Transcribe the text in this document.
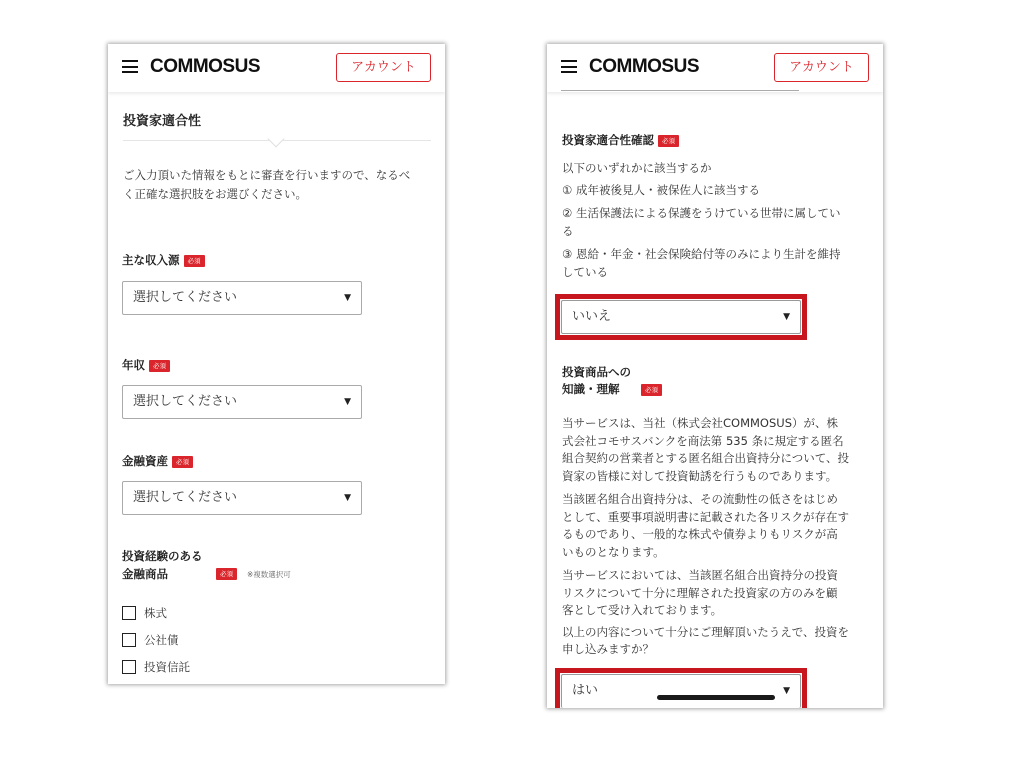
COMMOSUS	アカウント
投資家適合性
ご入力頂いた情報をもとに審査を行いますので、なるべ
く正確な選択肢をお選びください。
主な収入源 必須
選択してください	▼
年収 必須
選択してください	▼
金融資産 必須
選択してください	▼
投資経験のある
金融商品	必須	※複数選択可
株式
公社債
投資信託
COMMOSUS	アカウント
投資家適合性確認 必須
以下のいずれかに該当するか
① 成年被後見人・被保佐人に該当する
② 生活保護法による保護をうけている世帯に属してい
る
③ 恩給・年金・社会保険給付等のみにより生計を維持
している
いいえ	▼
投資商品への
知識・理解	必須
当サービスは、当社（株式会社COMMOSUS）が、株
式会社コモサスバンクを商法第 535 条に規定する匿名
組合契約の営業者とする匿名組合出資持分について、投
資家の皆様に対して投資勧誘を行うものであります。
当該匿名組合出資持分は、その流動性の低さをはじめ
として、重要事項説明書に記載された各リスクが存在す
るものであり、一般的な株式や債券よりもリスクが高
いものとなります。
当サービスにおいては、当該匿名組合出資持分の投資
リスクについて十分に理解された投資家の方のみを顧
客として受け入れております。
以上の内容について十分にご理解頂いたうえで、投資を
申し込みますか？
はい	▼
